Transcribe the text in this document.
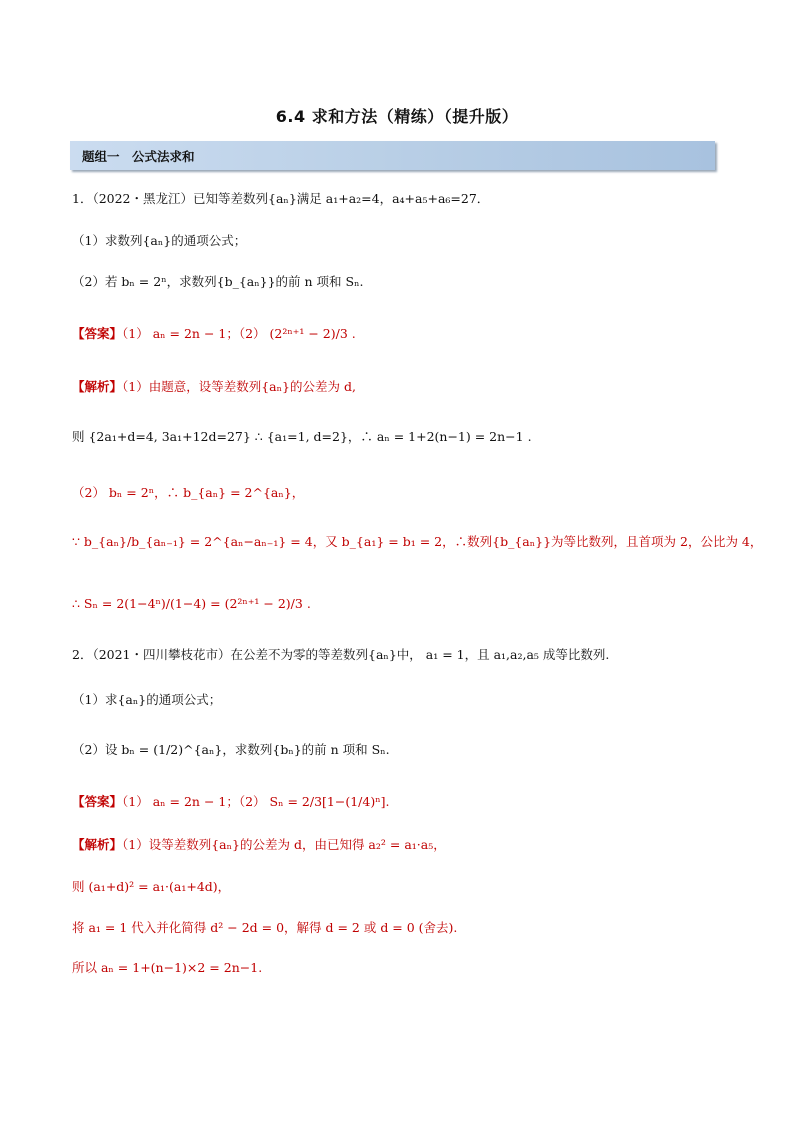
6.4 求和方法（精练）（提升版）
题组一　公式法求和
1．（2022・黑龙江）已知等差数列{aₙ}满足 a₁+a₂=4，a₄+a₅+a₆=27．
（1）求数列{aₙ}的通项公式；
（2）若 bₙ = 2ⁿ，求数列{b_{aₙ}}的前 n 项和 Sₙ.
【答案】（1） aₙ = 2n − 1；（2） (2²ⁿ⁺¹ − 2)/3 .
【解析】（1）由题意，设等差数列{aₙ}的公差为 d,
则 {2a₁+d=4, 3a₁+12d=27} ∴ {a₁=1, d=2}，∴ aₙ = 1+2(n−1) = 2n−1 .
（2） bₙ = 2ⁿ，∴ b_{aₙ} = 2^{aₙ}，
∵ b_{aₙ}/b_{aₙ₋₁} = 2^{aₙ−aₙ₋₁} = 4，又 b_{a₁} = b₁ = 2，∴数列{b_{aₙ}}为等比数列，且首项为 2，公比为 4，
∴ Sₙ = 2(1−4ⁿ)/(1−4) = (2²ⁿ⁺¹ − 2)/3 .
2．（2021・四川攀枝花市）在公差不为零的等差数列{aₙ}中， a₁ = 1，且 a₁,a₂,a₅ 成等比数列.
（1）求{aₙ}的通项公式；
（2）设 bₙ = (1/2)^{aₙ}，求数列{bₙ}的前 n 项和 Sₙ.
【答案】（1） aₙ = 2n − 1；（2） Sₙ = 2/3[1−(1/4)ⁿ].
【解析】（1）设等差数列{aₙ}的公差为 d，由已知得 a₂² = a₁·a₅，
则 (a₁+d)² = a₁·(a₁+4d)，
将 a₁ = 1 代入并化简得 d² − 2d = 0，解得 d = 2 或 d = 0 (舍去).
所以 aₙ = 1+(n−1)×2 = 2n−1.
